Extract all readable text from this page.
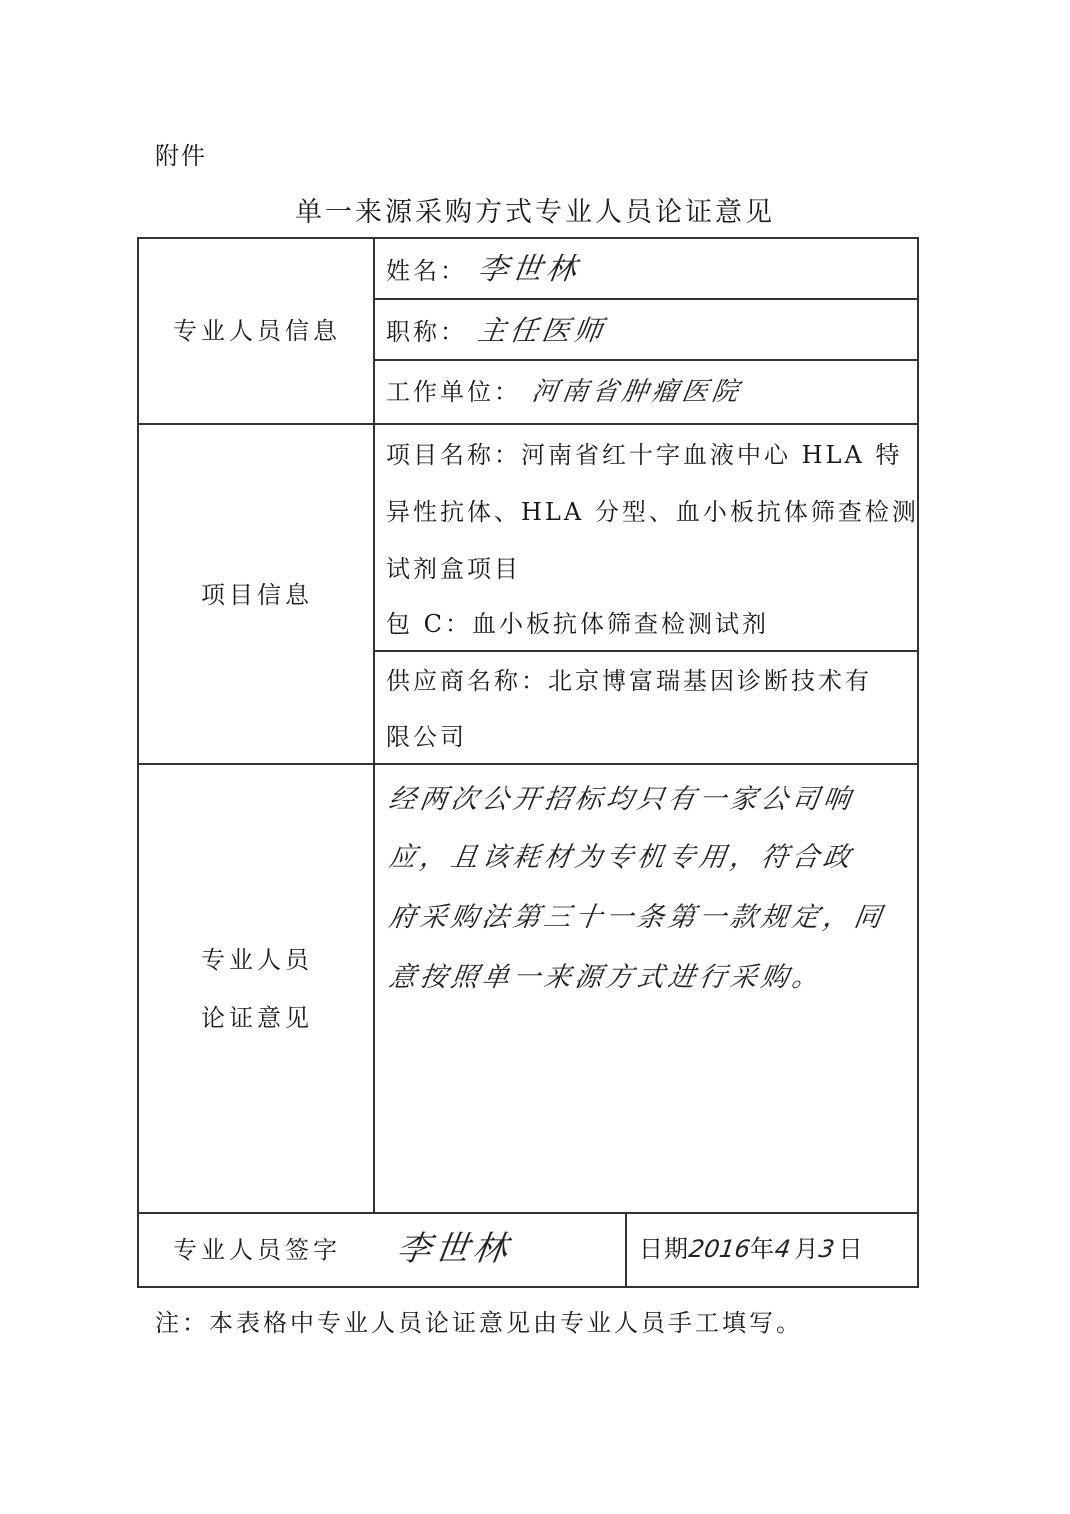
附件
单一来源采购方式专业人员论证意见
专业人员信息
姓名： 李世林
职称： 主任医师
工作单位： 河南省肿瘤医院
项目信息
项目名称：河南省红十字血液中心 HLA 特
异性抗体、HLA 分型、血小板抗体筛查检测
试剂盒项目
包 C：血小板抗体筛查检测试剂
供应商名称：北京博富瑞基因诊断技术有
限公司
专业人员
论证意见
经两次公开招标均只有一家公司响
应，且该耗材为专机专用，符合政
府采购法第三十一条第一款规定，同
意按照单一来源方式进行采购。
专业人员签字	李世林	日期2016年4月3日
注：本表格中专业人员论证意见由专业人员手工填写。
